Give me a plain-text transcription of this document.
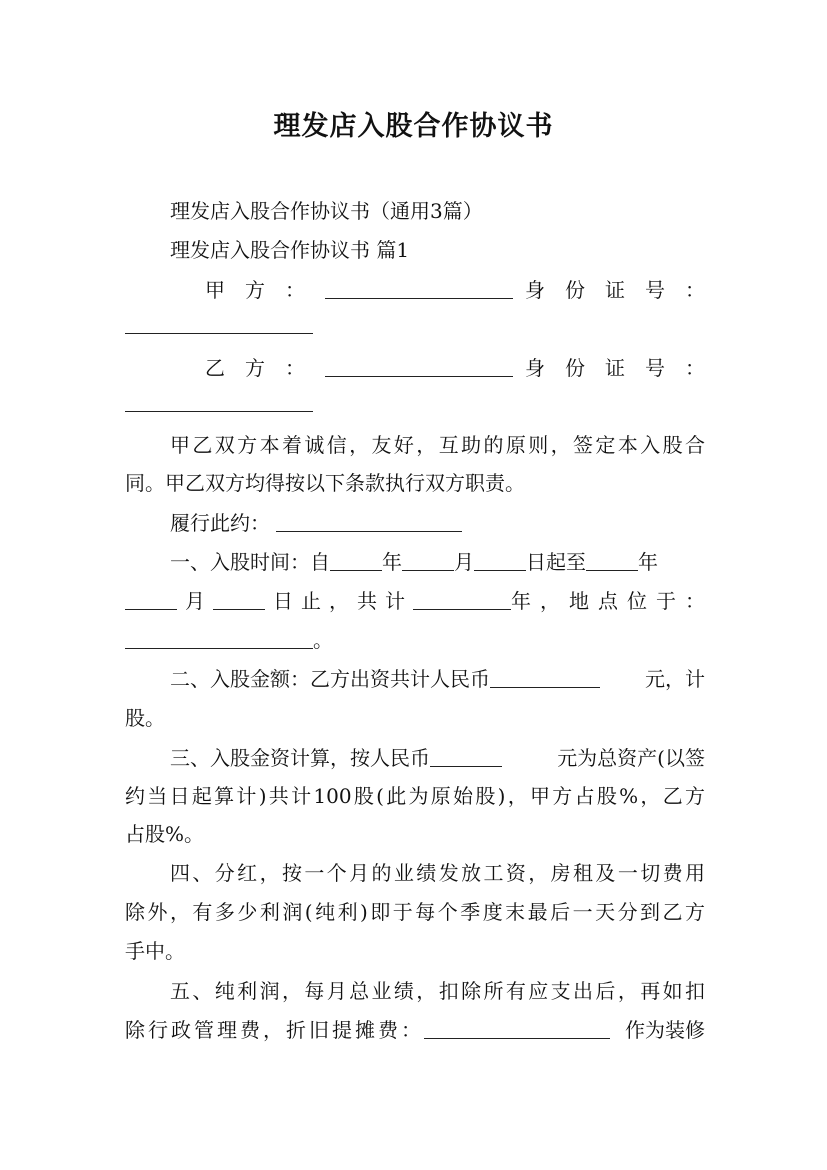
理发店入股合作协议书
理发店入股合作协议书（通用3篇）
理发店入股合作协议书 篇1
甲　方　：	身　份　证　号　：
乙　方　：	身　份　证　号　：
甲乙双方本着诚信，友好，互助的原则，签定本入股合
同。甲乙双方均得按以下条款执行双方职责。
履行此约：
一、入股时间：自	年	月	日起至	年
月	日止，共计	年，地点位于：
。
二、入股金额：乙方出资共计人民币	元，计
股。
三、入股金资计算，按人民币	元为总资产(以签
约当日起算计)共计100股(此为原始股)，甲方占股%，乙方
占股%。
四、分红，按一个月的业绩发放工资，房租及一切费用
除外，有多少利润(纯利)即于每个季度末最后一天分到乙方
手中。
五、纯利润，每月总业绩，扣除所有应支出后，再如扣
除行政管理费，折旧提摊费：	作为装修
